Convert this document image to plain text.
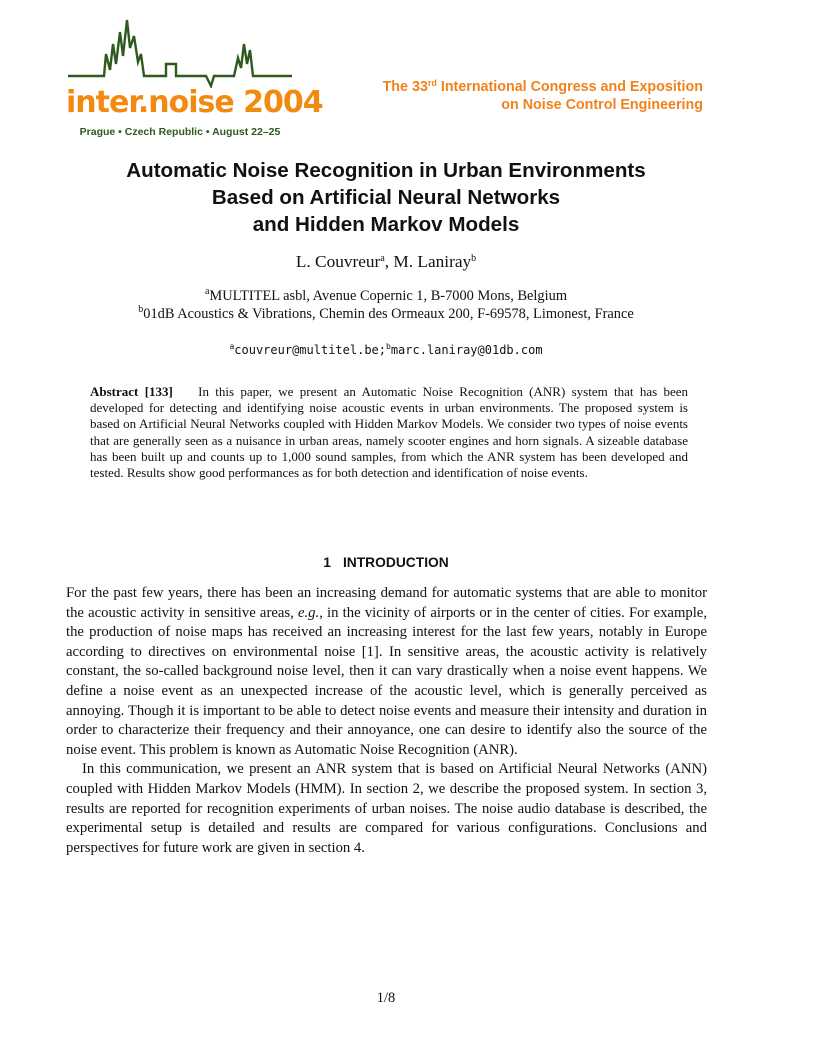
inter.noise 2004
Prague • Czech Republic • August 22–25
The 33rd International Congress and Exposition
on Noise Control Engineering
Automatic Noise Recognition in Urban Environments
Based on Artificial Neural Networks
and Hidden Markov Models
L. Couvreur$^a$, M. Laniray$^b$
$^a$MULTITEL asbl, Avenue Copernic 1, B-7000 Mons, Belgium
$^b$01dB Acoustics & Vibrations, Chemin des Ormeaux 200, F-69578, Limonest, France
$^a$couvreur@multitel.be;$^b$marc.laniray@01db.com
Abstract [133] In this paper, we present an Automatic Noise Recognition (ANR) system that has been developed for detecting and identifying noise acoustic events in urban environments. The proposed system is based on Artificial Neural Networks coupled with Hidden Markov Models. We consider two types of noise events that are generally seen as a nuisance in urban areas, namely scooter engines and horn signals. A sizeable database has been built up and counts up to 1,000 sound samples, from which the ANR system has been developed and tested. Results show good performances as for both detection and identification of noise events.
1 INTRODUCTION

For the past few years, there has been an increasing demand for automatic systems that are able to monitor the acoustic activity in sensitive areas, e.g., in the vicinity of airports or in the center of cities. For example, the production of noise maps has received an increasing interest for the last few years, notably in Europe according to directives on environmental noise [1]. In sensitive areas, the acoustic activity is relatively constant, the so-called background noise level, then it can vary drastically when a noise event happens. We define a noise event as an unexpected increase of the acoustic level, which is generally perceived as annoying. Though it is important to be able to detect noise events and measure their intensity and duration in order to characterize their frequency and their annoyance, one can desire to identify also the source of the noise event. This problem is known as Automatic Noise Recognition (ANR).

In this communication, we present an ANR system that is based on Artificial Neural Networks (ANN) coupled with Hidden Markov Models (HMM). In section 2, we describe the proposed system. In section 3, results are reported for recognition experiments of urban noises. The noise audio database is described, the experimental setup is detailed and results are compared for various configurations. Conclusions and perspectives for future work are given in section 4.

1/8
